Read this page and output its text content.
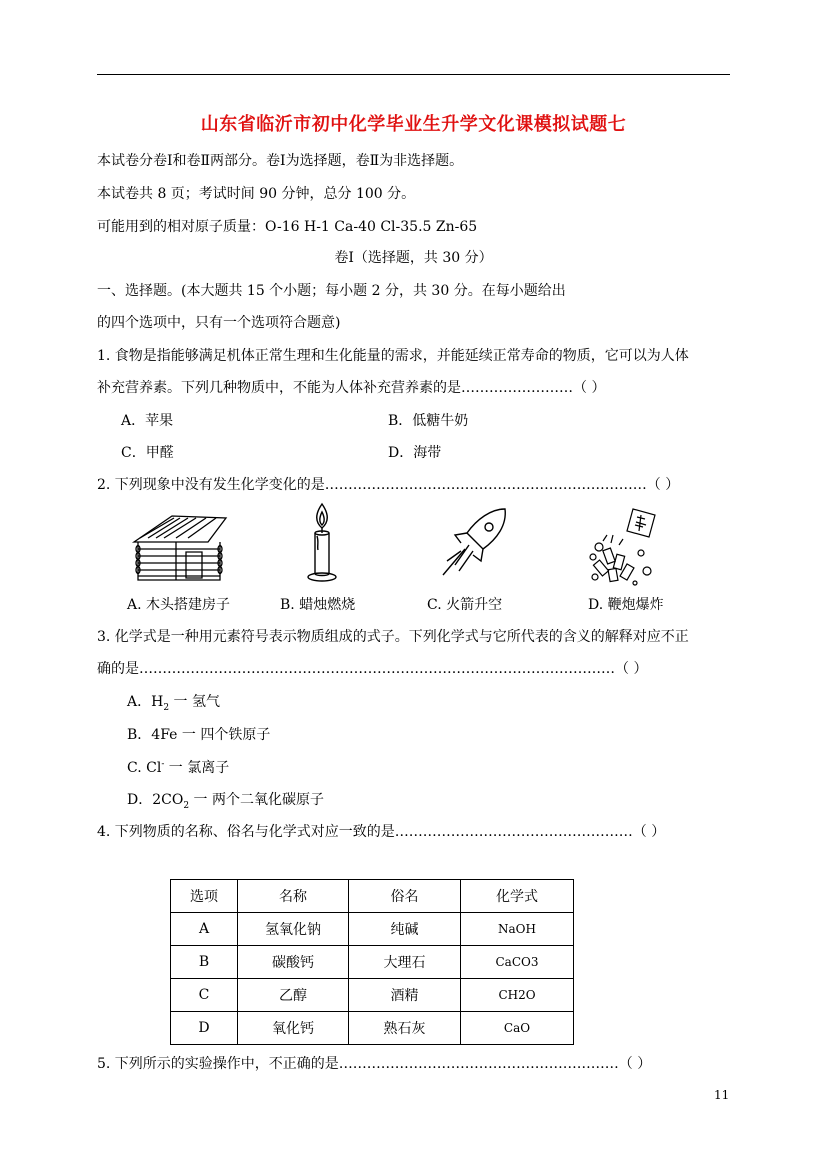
山东省临沂市初中化学毕业生升学文化课模拟试题七
本试卷分卷Ⅰ和卷Ⅱ两部分。卷Ⅰ为选择题，卷Ⅱ为非选择题。
本试卷共 8 页；考试时间 90 分钟，总分 100 分。
可能用到的相对原子质量：O-16 H-1 Ca-40 Cl-35.5 Zn-65
卷Ⅰ（选择题，共 30 分）
一、选择题。(本大题共 15 个小题；每小题 2 分，共 30 分。在每小题给出
的四个选项中，只有一个选项符合题意)
1. 食物是指能够满足机体正常生理和生化能量的需求，并能延续正常寿命的物质，它可以为人体
补充营养素。下列几种物质中，不能为人体补充营养素的是……………………（ ）
A．苹果	B．低糖牛奶
C．甲醛	D．海带
2. 下列现象中没有发生化学变化的是……………………………………………………………（ ）
A. 木头搭建房子	B. 蜡烛燃烧	C. 火箭升空	D. 鞭炮爆炸
3. 化学式是一种用元素符号表示物质组成的式子。下列化学式与它所代表的含义的解释对应不正
确的是…………………………………………………………………………………………（ ）
A．$H_2$ 一 氢气
B．4Fe 一 四个铁原子
C. Cl- 一 氯离子
D．$2CO_2$ 一 两个二氧化碳原子
4. 下列物质的名称、俗名与化学式对应一致的是……………………………………………（ ）
选项	名称	俗名	化学式
A	氢氧化钠	纯碱	NaOH
B	碳酸钙	大理石	CaCO3
C	乙醇	酒精	CH2O
D	氧化钙	熟石灰	CaO
5. 下列所示的实验操作中，不正确的是……………………………………………………（ ）
11
